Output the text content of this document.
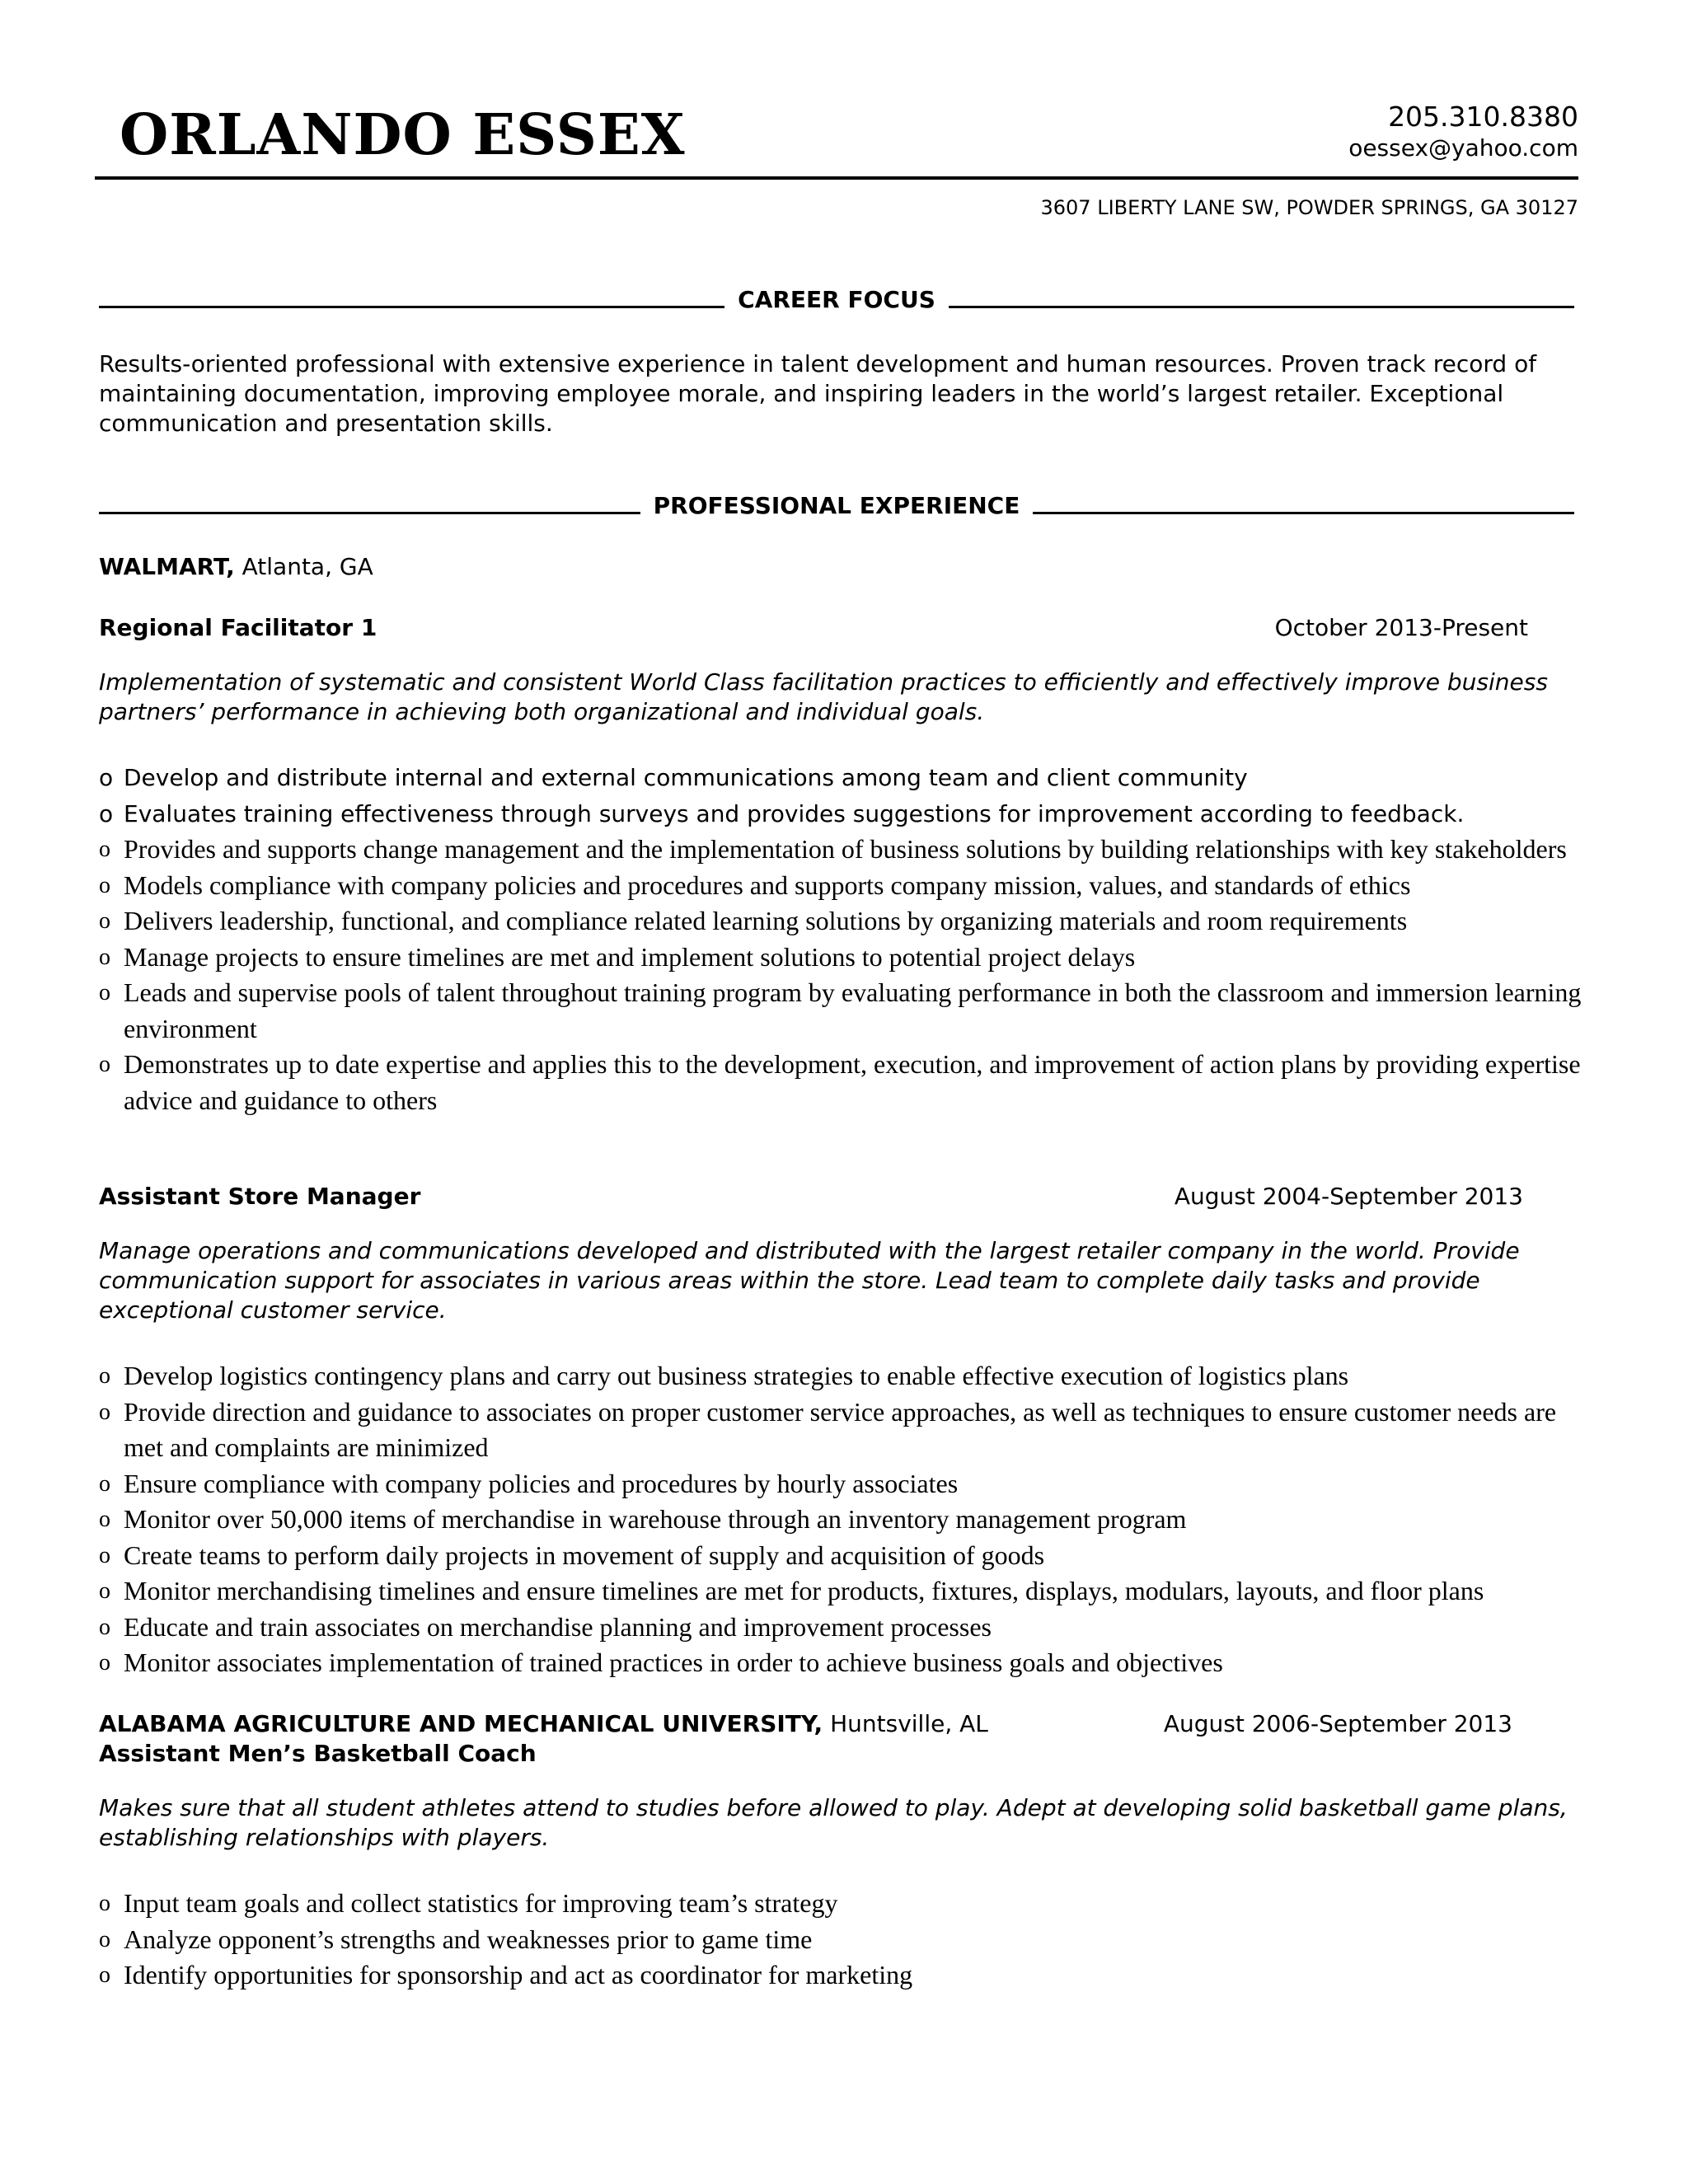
ORLANDO ESSEX	205.310.8380
oessex@yahoo.com
3607 LIBERTY LANE SW, POWDER SPRINGS, GA 30127
CAREER FOCUS
Results-oriented professional with extensive experience in talent development and human resources. Proven track record of maintaining documentation, improving employee morale, and inspiring leaders in the world’s largest retailer. Exceptional communication and presentation skills.
PROFESSIONAL EXPERIENCE
WALMART, Atlanta, GA
Regional Facilitator 1	October 2013-Present
Implementation of systematic and consistent World Class facilitation practices to efficiently and effectively improve business partners’ performance in achieving both organizational and individual goals.
o Develop and distribute internal and external communications among team and client community
o Evaluates training effectiveness through surveys and provides suggestions for improvement according to feedback.
o Provides and supports change management and the implementation of business solutions by building relationships with key stakeholders
o Models compliance with company policies and procedures and supports company mission, values, and standards of ethics
o Delivers leadership, functional, and compliance related learning solutions by organizing materials and room requirements
o Manage projects to ensure timelines are met and implement solutions to potential project delays
o Leads and supervise pools of talent throughout training program by evaluating performance in both the classroom and immersion learning environment
o Demonstrates up to date expertise and applies this to the development, execution, and improvement of action plans by providing expertise advice and guidance to others
Assistant Store Manager	August 2004-September 2013
Manage operations and communications developed and distributed with the largest retailer company in the world. Provide communication support for associates in various areas within the store. Lead team to complete daily tasks and provide exceptional customer service.
o Develop logistics contingency plans and carry out business strategies to enable effective execution of logistics plans
o Provide direction and guidance to associates on proper customer service approaches, as well as techniques to ensure customer needs are met and complaints are minimized
o Ensure compliance with company policies and procedures by hourly associates
o Monitor over 50,000 items of merchandise in warehouse through an inventory management program
o Create teams to perform daily projects in movement of supply and acquisition of goods
o Monitor merchandising timelines and ensure timelines are met for products, fixtures, displays, modulars, layouts, and floor plans
o Educate and train associates on merchandise planning and improvement processes
o Monitor associates implementation of trained practices in order to achieve business goals and objectives
ALABAMA AGRICULTURE AND MECHANICAL UNIVERSITY, Huntsville, AL	August 2006-September 2013
Assistant Men’s Basketball Coach
Makes sure that all student athletes attend to studies before allowed to play. Adept at developing solid basketball game plans, establishing relationships with players.
o Input team goals and collect statistics for improving team’s strategy
o Analyze opponent’s strengths and weaknesses prior to game time
o Identify opportunities for sponsorship and act as coordinator for marketing
